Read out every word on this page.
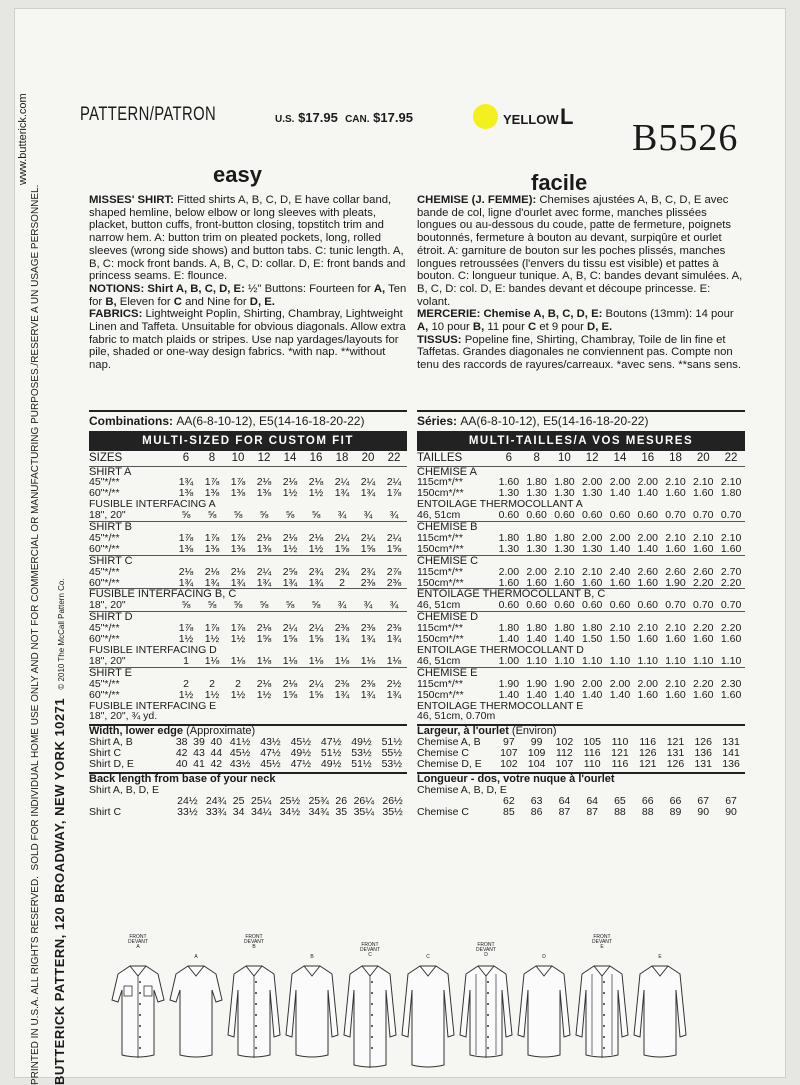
PRINTED IN U.S.A. ALL RIGHTS RESERVED.  SOLD FOR INDIVIDUAL HOME USE ONLY AND NOT FOR COMMERCIAL OR MANUFACTURING PURPOSES./RESERVE A UN USAGE PERSONNEL.
www.butterick.com
BUTTERICK PATTERN, 120 BROADWAY, NEW YORK 10271   © 2010 The McCall Pattern Co.
PATTERN/PATRON	U.S. $17.95 CAN. $17.95	YELLOW L
B5526
easy	facile

MISSES' SHIRT: Fitted shirts A, B, C, D, E have collar band, shaped hemline, below elbow or long sleeves with pleats, placket, button cuffs, front-button closing, topstitch trim and narrow hem. A: button trim on pleated pockets, long, rolled sleeves (wrong side shows) and button tabs. C: tunic length. A, B, C: mock front bands. A, B, C, D: collar. D, E: front bands and princess seams. E: flounce.

NOTIONS: Shirt A, B, C, D, E: ½" Buttons: Fourteen for A, Ten for B, Eleven for C and Nine for D, E.

FABRICS: Lightweight Poplin, Shirting, Chambray, Lightweight Linen and Taffeta. Unsuitable for obvious diagonals. Allow extra fabric to match plaids or stripes. Use nap yardages/layouts for pile, shaded or one-way design fabrics. *with nap. **without nap.

CHEMISE (J. FEMME): Chemises ajustées A, B, C, D, E avec bande de col, ligne d'ourlet avec forme, manches plissées longues ou au-dessous du coude, patte de fermeture, poignets boutonnés, fermeture à bouton au devant, surpiqûre et ourlet étroit. A: garniture de bouton sur les poches plissés, manches longues retroussées (l'envers du tissu est visible) et pattes à bouton. C: longueur tunique. A, B, C: bandes devant simulées. A, B, C, D: col. D, E: bandes devant et découpe princesse. E: volant.

MERCERIE: Chemise A, B, C, D, E: Boutons (13mm): 14 pour A, 10 pour B, 11 pour C et 9 pour D, E.

TISSUS: Popeline fine, Shirting, Chambray, Toile de lin fine et Taffetas. Grandes diagonales ne conviennent pas. Compte non tenu des raccords de rayures/carreaux. *avec sens. **sans sens.

Combinations: AA(6-8-10-12), E5(14-16-18-20-22)
MULTI-SIZED FOR CUSTOM FIT
SIZES	6	8	10	12	14	16	18	20	22
SHIRT A									
45"*/**	1¾	1⅞	1⅞	2⅛	2⅛	2⅛	2¼	2¼	2¼
60"*/**	1⅜	1⅜	1⅜	1⅜	1½	1½	1¾	1¾	1⅞
FUSIBLE INTERFACING A									
18", 20"	⅝	⅝	⅝	⅝	⅝	⅝	¾	¾	¾
SHIRT B									
45"*/**	1⅞	1⅞	1⅞	2⅛	2⅛	2⅛	2¼	2¼	2¼
60"*/**	1⅜	1⅜	1⅜	1⅜	1½	1½	1⅝	1⅝	1⅝
SHIRT C									
45"*/**	2⅛	2⅛	2⅛	2¼	2⅝	2¾	2¾	2¾	2⅞
60"*/**	1¾	1¾	1¾	1¾	1¾	1¾	2	2⅜	2⅜
FUSIBLE INTERFACING B, C									
18", 20"	⅝	⅝	⅝	⅝	⅝	⅝	¾	¾	¾
SHIRT D									
45"*/**	1⅞	1⅞	1⅞	2⅛	2¼	2¼	2⅜	2⅜	2⅜
60"*/**	1½	1½	1½	1⅝	1⅝	1⅝	1¾	1¾	1¾
FUSIBLE INTERFACING D									
18", 20"	1	1⅛	1⅛	1⅛	1⅛	1⅛	1⅛	1⅛	1⅛
SHIRT E									
45"*/**	2	2	2	2⅛	2⅛	2¼	2⅜	2⅜	2½
60"*/**	1½	1½	1½	1½	1⅝	1⅝	1¾	1¾	1¾
FUSIBLE INTERFACING E									
18", 20", ¾ yd.									
Width, lower edge (Approximate)									
Shirt A, B	38	39	40	41½	43½	45½	47½	49½	51½
Shirt C	42	43	44	45½	47½	49½	51½	53½	55½
Shirt D, E	40	41	42	43½	45½	47½	49½	51½	53½
Back length from base of your neck									
Shirt A, B, D, E									
	24½	24¾	25	25¼	25½	25¾	26	26¼	26½
Shirt C	33½	33¾	34	34¼	34½	34¾	35	35¼	35½
Séries: AA(6-8-10-12), E5(14-16-18-20-22)
MULTI-TAILLES/A VOS MESURES
TAILLES	6	8	10	12	14	16	18	20	22
CHEMISE A									
115cm*/**	1.60	1.80	1.80	2.00	2.00	2.00	2.10	2.10	2.10
150cm*/**	1.30	1.30	1.30	1.30	1.40	1.40	1.60	1.60	1.80
ENTOILAGE THERMOCOLLANT A									
46, 51cm	0.60	0.60	0.60	0.60	0.60	0.60	0.70	0.70	0.70
CHEMISE B									
115cm*/**	1.80	1.80	1.80	2.00	2.00	2.00	2.10	2.10	2.10
150cm*/**	1.30	1.30	1.30	1.30	1.40	1.40	1.60	1.60	1.60
CHEMISE C									
115cm*/**	2.00	2.00	2.10	2.10	2.40	2.60	2.60	2.60	2.70
150cm*/**	1.60	1.60	1.60	1.60	1.60	1.60	1.90	2.20	2.20
ENTOILAGE THERMOCOLLANT B, C									
46, 51cm	0.60	0.60	0.60	0.60	0.60	0.60	0.70	0.70	0.70
CHEMISE D									
115cm*/**	1.80	1.80	1.80	1.80	2.10	2.10	2.10	2.20	2.20
150cm*/**	1.40	1.40	1.40	1.50	1.50	1.60	1.60	1.60	1.60
ENTOILAGE THERMOCOLLANT D									
46, 51cm	1.00	1.10	1.10	1.10	1.10	1.10	1.10	1.10	1.10
CHEMISE E									
115cm*/**	1.90	1.90	1.90	2.00	2.00	2.00	2.10	2.20	2.30
150cm*/**	1.40	1.40	1.40	1.40	1.40	1.60	1.60	1.60	1.60
ENTOILAGE THERMOCOLLANT E									
46, 51cm, 0.70m									
Largeur, à l'ourlet (Environ)									
Chemise A, B	97	99	102	105	110	116	121	126	131
Chemise C	107	109	112	116	121	126	131	136	141
Chemise D, E	102	104	107	110	116	121	126	131	136
Longueur - dos, votre nuque à l'ourlet									
Chemise A, B, D, E									
	62	63	64	64	65	66	66	67	67
Chemise C	85	86	87	87	88	88	89	90	90
FRONT
DEVANT
A
A
FRONT
DEVANT
B
B
FRONT
DEVANT
C	C
FRONT
DEVANT
D	D
FRONT
DEVANT
E
E
